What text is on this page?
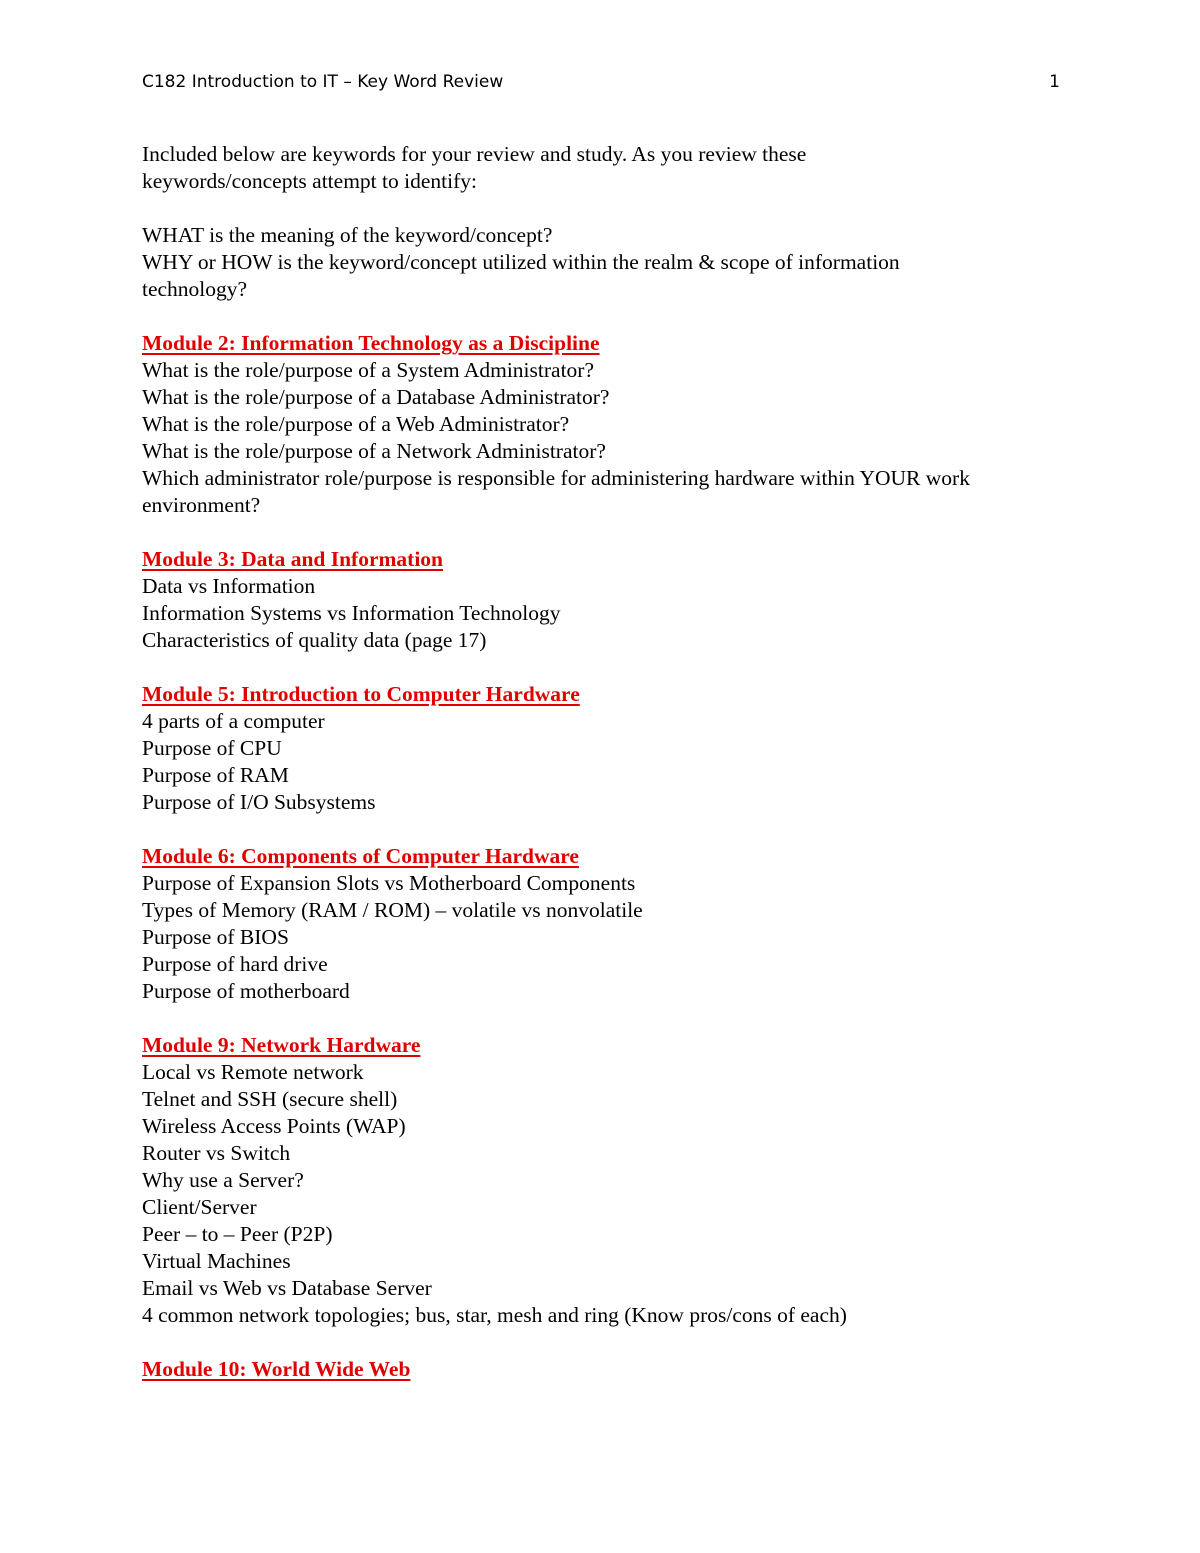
C182 Introduction to IT – Key Word Review	1
Included below are keywords for your review and study. As you review these
keywords/concepts attempt to identify:
WHAT is the meaning of the keyword/concept?
WHY or HOW is the keyword/concept utilized within the realm & scope of information technology?
Module 2: Information Technology as a Discipline
What is the role/purpose of a System Administrator?
What is the role/purpose of a Database Administrator?
What is the role/purpose of a Web Administrator?
What is the role/purpose of a Network Administrator?
Which administrator role/purpose is responsible for administering hardware within YOUR work environment?
Module 3: Data and Information
Data vs Information
Information Systems vs Information Technology
Characteristics of quality data (page 17)
Module 5: Introduction to Computer Hardware
4 parts of a computer
Purpose of CPU
Purpose of RAM
Purpose of I/O Subsystems
Module 6: Components of Computer Hardware
Purpose of Expansion Slots vs Motherboard Components
Types of Memory (RAM / ROM) – volatile vs nonvolatile
Purpose of BIOS
Purpose of hard drive
Purpose of motherboard
Module 9: Network Hardware
Local vs Remote network
Telnet and SSH (secure shell)
Wireless Access Points (WAP)
Router vs Switch
Why use a Server?
Client/Server
Peer – to – Peer (P2P)
Virtual Machines
Email vs Web vs Database Server
4 common network topologies; bus, star, mesh and ring (Know pros/cons of each)
Module 10: World Wide Web
